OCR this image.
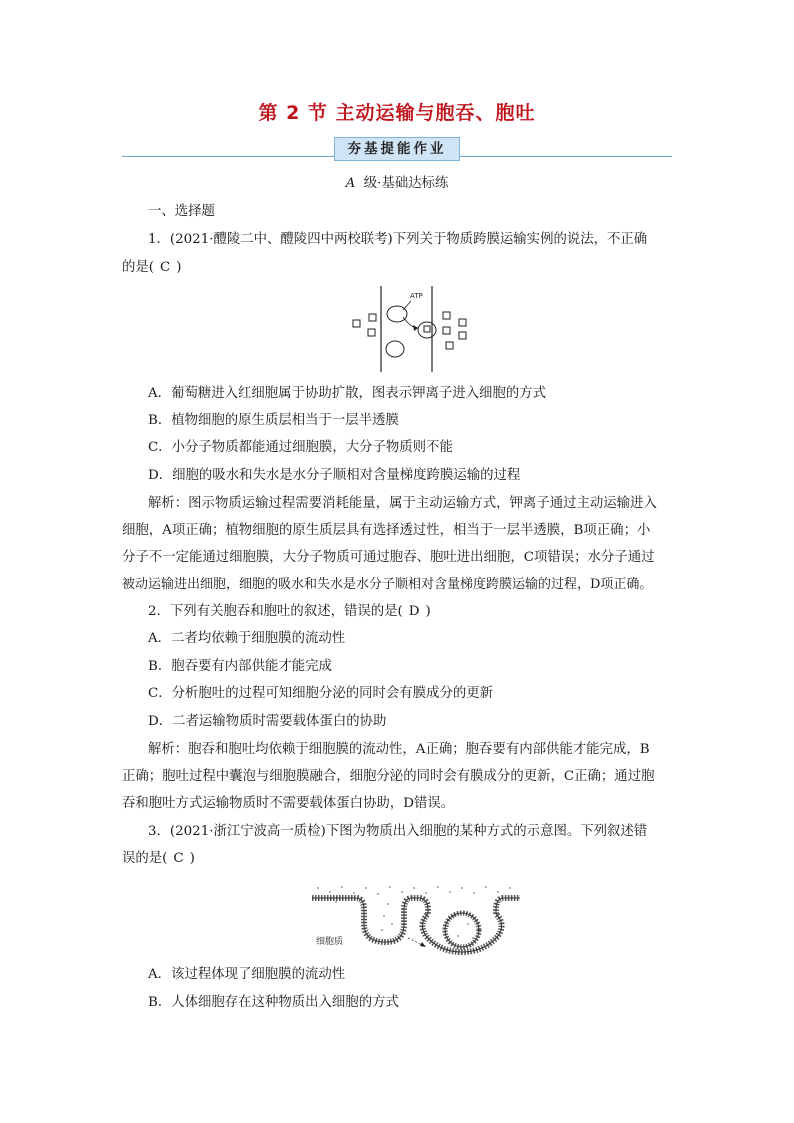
第 2 节 主动运输与胞吞、胞吐
夯基提能作业
A 级·基础达标练
一、选择题
1．(2021·醴陵二中、醴陵四中两校联考)下列关于物质跨膜运输实例的说法，不正确
的是( C )
ATP
A．葡萄糖进入红细胞属于协助扩散，图表示钾离子进入细胞的方式
B．植物细胞的原生质层相当于一层半透膜
C．小分子物质都能通过细胞膜，大分子物质则不能
D．细胞的吸水和失水是水分子顺相对含量梯度跨膜运输的过程
解析：图示物质运输过程需要消耗能量，属于主动运输方式，钾离子通过主动运输进入
细胞，A项正确；植物细胞的原生质层具有选择透过性，相当于一层半透膜，B项正确；小
分子不一定能通过细胞膜，大分子物质可通过胞吞、胞吐进出细胞，C项错误；水分子通过
被动运输进出细胞，细胞的吸水和失水是水分子顺相对含量梯度跨膜运输的过程，D项正确。
2．下列有关胞吞和胞吐的叙述，错误的是( D )
A．二者均依赖于细胞膜的流动性
B．胞吞要有内部供能才能完成
C．分析胞吐的过程可知细胞分泌的同时会有膜成分的更新
D．二者运输物质时需要载体蛋白的协助
解析：胞吞和胞吐均依赖于细胞膜的流动性，A正确；胞吞要有内部供能才能完成，B
正确；胞吐过程中囊泡与细胞膜融合，细胞分泌的同时会有膜成分的更新，C正确；通过胞
吞和胞吐方式运输物质时不需要载体蛋白协助，D错误。
3．(2021·浙江宁波高一质检)下图为物质出入细胞的某种方式的示意图。下列叙述错
误的是( C )
细胞质
A．该过程体现了细胞膜的流动性
B．人体细胞存在这种物质出入细胞的方式
